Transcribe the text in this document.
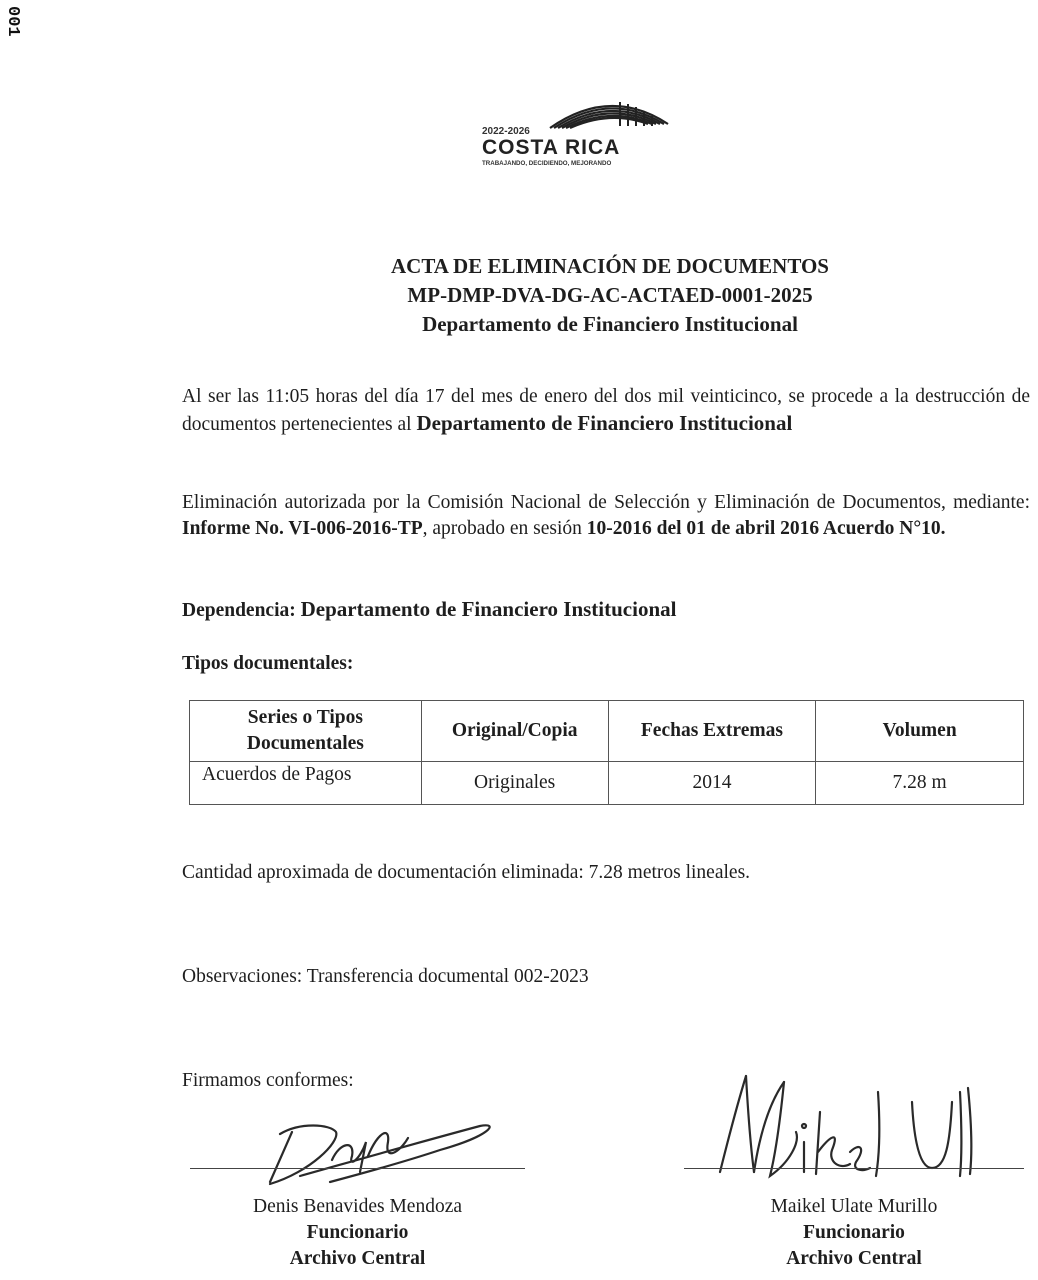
001
2022-2026
COSTA RICA
TRABAJANDO, DECIDIENDO, MEJORANDO
ACTA DE ELIMINACIÓN DE DOCUMENTOS
MP-DMP-DVA-DG-AC-ACTAED-0001-2025
Departamento de Financiero Institucional
Al ser las 11:05 horas del día 17 del mes de enero del dos mil veinticinco, se procede a la destrucción de documentos pertenecientes al Departamento de Financiero Institucional
Eliminación autorizada por la Comisión Nacional de Selección y Eliminación de Documentos, mediante: Informe No. VI-006-2016-TP, aprobado en sesión 10-2016 del 01 de abril 2016 Acuerdo N°10.
Dependencia: Departamento de Financiero Institucional
Tipos documentales:
Series o Tipos Documentales	Original/Copia	Fechas Extremas	Volumen
Acuerdos de Pagos	Originales	2014	7.28 m
Cantidad aproximada de documentación eliminada: 7.28 metros lineales.
Observaciones: Transferencia documental 002-2023
Firmamos conformes:
Denis Benavides Mendoza
Funcionario
Archivo Central
Maikel Ulate Murillo
Funcionario
Archivo Central
